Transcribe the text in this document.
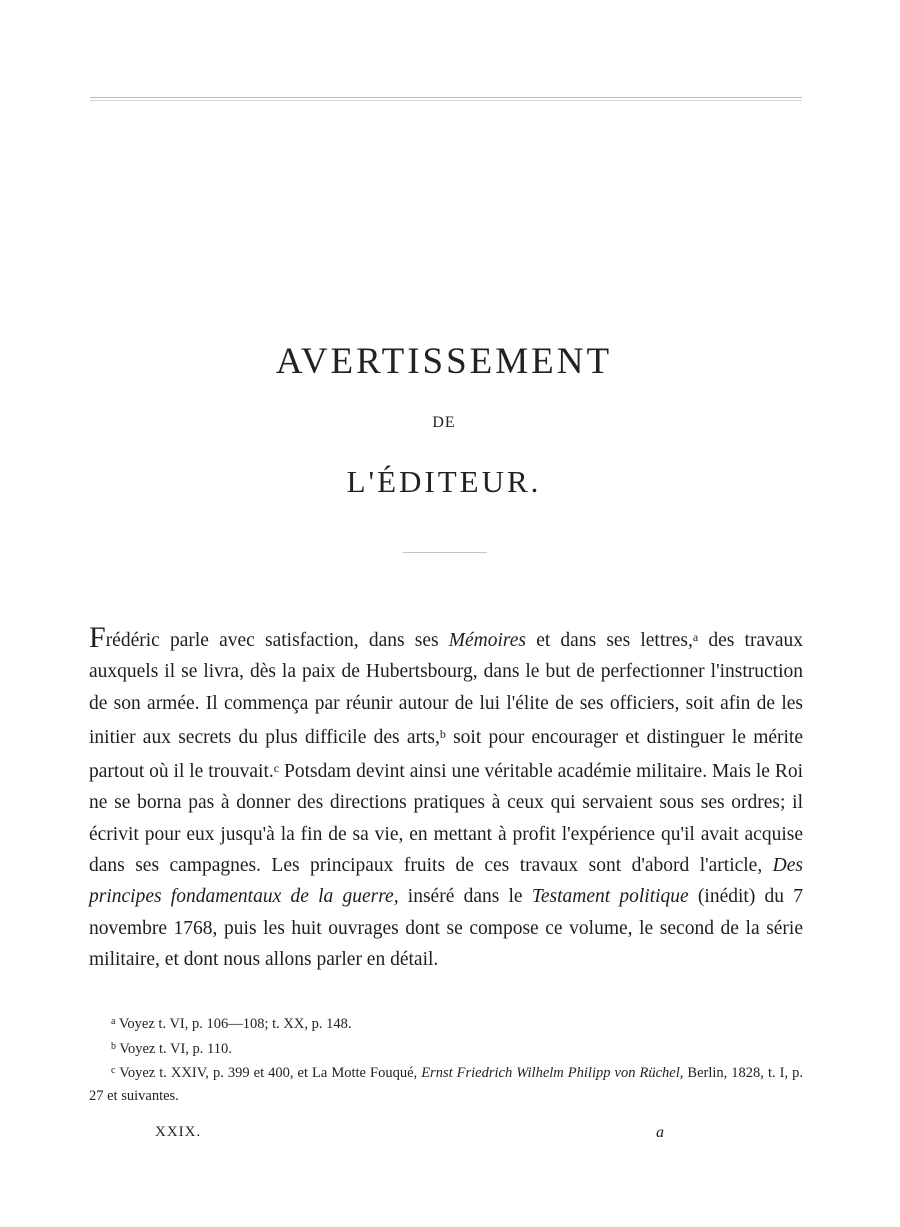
AVERTISSEMENT
DE
L'ÉDITEUR.

Frédéric parle avec satisfaction, dans ses Mémoires et dans ses lettres,$^a$ des travaux auxquels il se livra, dès la paix de Hubertsbourg, dans le but de perfectionner l'instruction de son armée. Il commença par réunir autour de lui l'élite de ses officiers, soit afin de les initier aux secrets du plus difficile des arts,$^b$ soit pour encourager et distinguer le mérite partout où il le trouvait.$^c$ Potsdam devint ainsi une véritable académie militaire. Mais le Roi ne se borna pas à donner des directions pratiques à ceux qui servaient sous ses ordres; il écrivit pour eux jusqu'à la fin de sa vie, en mettant à profit l'expérience qu'il avait acquise dans ses campagnes. Les principaux fruits de ces travaux sont d'abord l'article, Des principes fondamentaux de la guerre, inséré dans le Testament politique (inédit) du 7 novembre 1768, puis les huit ouvrages dont se compose ce volume, le second de la série militaire, et dont nous allons parler en détail.

$^a$ Voyez t. VI, p. 106—108; t. XX, p. 148.
$^b$ Voyez t. VI, p. 110.
$^c$ Voyez t. XXIV, p. 399 et 400, et La Motte Fouqué, Ernst Friedrich Wilhelm Philipp von Rüchel, Berlin, 1828, t. I, p. 27 et suivantes.
XXIX.	a
